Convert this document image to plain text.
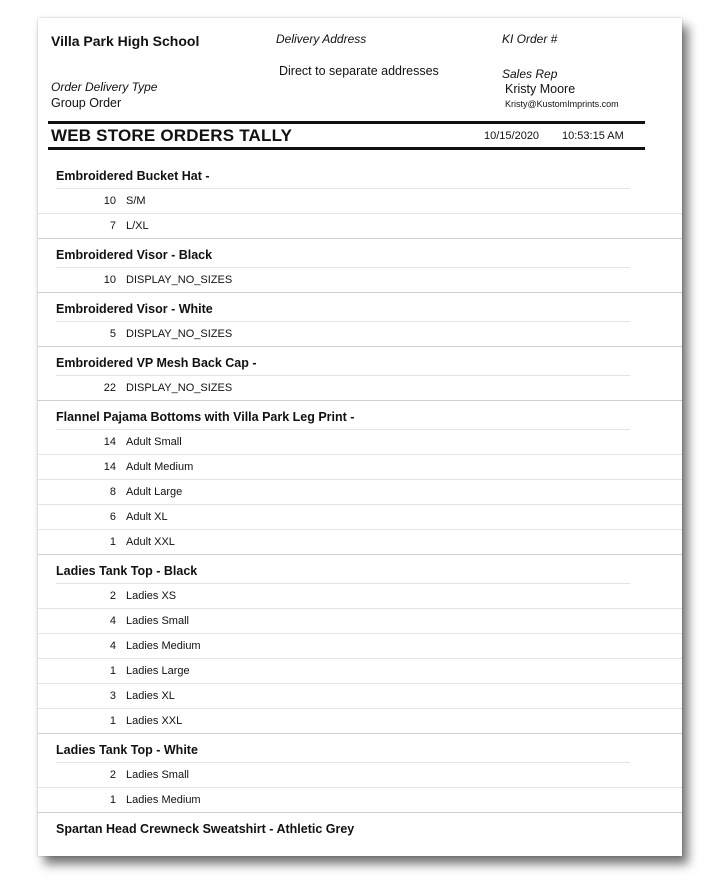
Villa Park High School	Delivery Address
Direct to separate addresses
KI Order #
Order Delivery Type
Group Order
Sales Rep
Kristy Moore
Kristy@KustomImprints.com
WEB STORE ORDERS TALLY	10/15/2020 10:53:15 AM
Embroidered Bucket Hat -
10 S/M
7 L/XL
Embroidered Visor - Black
10 DISPLAY_NO_SIZES
Embroidered Visor - White
5 DISPLAY_NO_SIZES
Embroidered VP Mesh Back Cap -
22 DISPLAY_NO_SIZES
Flannel Pajama Bottoms with Villa Park Leg Print -
14 Adult Small
14 Adult Medium
8 Adult Large
6 Adult XL
1 Adult XXL
Ladies Tank Top - Black
2 Ladies XS
4 Ladies Small
4 Ladies Medium
1 Ladies Large
3 Ladies XL
1 Ladies XXL
Ladies Tank Top - White
2 Ladies Small
1 Ladies Medium
Spartan Head Crewneck Sweatshirt - Athletic Grey
